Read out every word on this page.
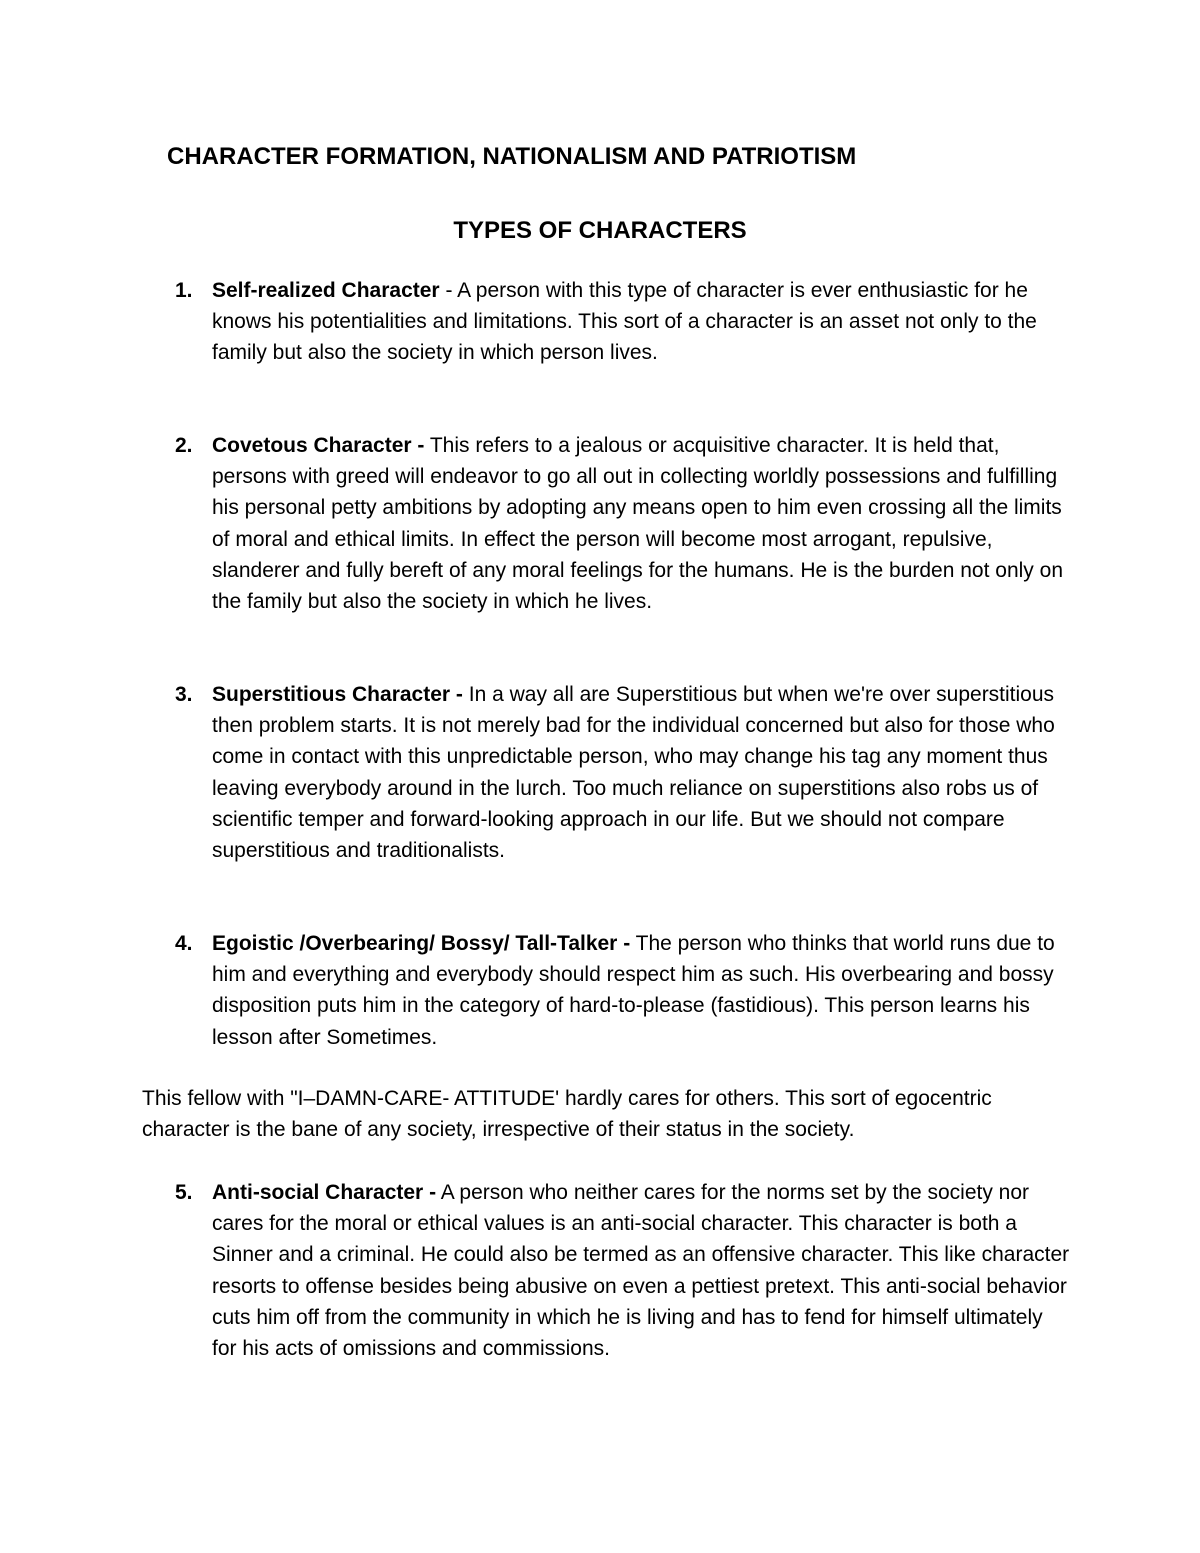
CHARACTER FORMATION, NATIONALISM AND PATRIOTISM
TYPES OF CHARACTERS
1. Self-realized Character - A person with this type of character is ever enthusiastic for he knows his potentialities and limitations. This sort of a character is an asset not only to the family but also the society in which person lives.
2. Covetous Character - This refers to a jealous or acquisitive character. It is held that, persons with greed will endeavor to go all out in collecting worldly possessions and fulfilling his personal petty ambitions by adopting any means open to him even crossing all the limits of moral and ethical limits. In effect the person will become most arrogant, repulsive, slanderer and fully bereft of any moral feelings for the humans. He is the burden not only on the family but also the society in which he lives.
3. Superstitious Character - In a way all are Superstitious but when we're over superstitious then problem starts. It is not merely bad for the individual concerned but also for those who come in contact with this unpredictable person, who may change his tag any moment thus leaving everybody around in the lurch. Too much reliance on superstitions also robs us of scientific temper and forward-looking approach in our life. But we should not compare superstitious and traditionalists.
4. Egoistic /Overbearing/ Bossy/ Tall-Talker - The person who thinks that world runs due to him and everything and everybody should respect him as such. His overbearing and bossy disposition puts him in the category of hard-to-please (fastidious). This person learns his lesson after Sometimes.

This fellow with "I–DAMN-CARE- ATTITUDE' hardly cares for others. This sort of egocentric character is the bane of any society, irrespective of their status in the society.

5. Anti-social Character - A person who neither cares for the norms set by the society nor cares for the moral or ethical values is an anti-social character. This character is both a Sinner and a criminal. He could also be termed as an offensive character. This like character resorts to offense besides being abusive on even a pettiest pretext. This anti-social behavior cuts him off from the community in which he is living and has to fend for himself ultimately for his acts of omissions and commissions.
